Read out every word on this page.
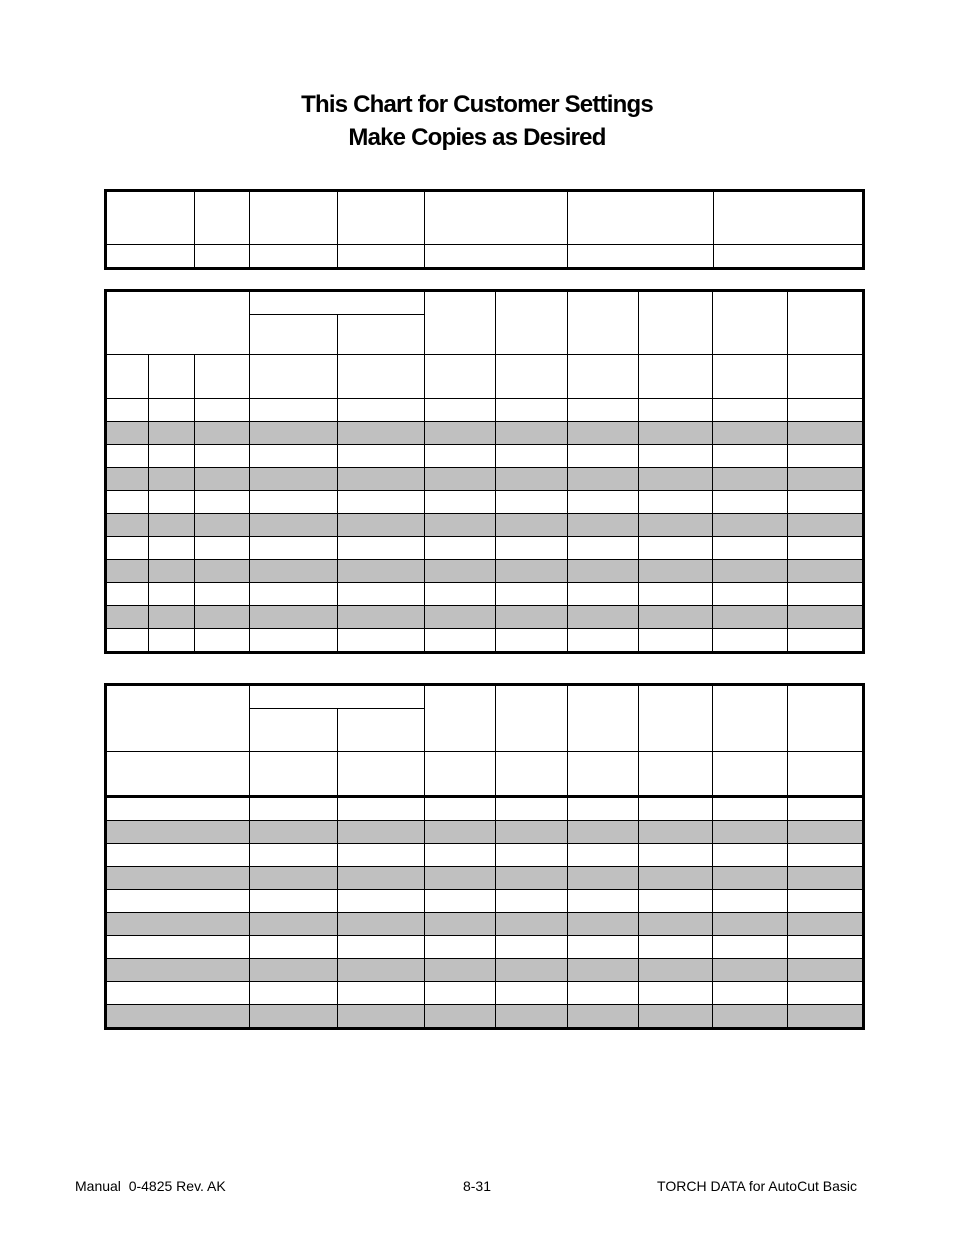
This Chart for Customer Settings
Make Copies as Desired

Manual  0-4825 Rev. AK	8-31	TORCH DATA for AutoCut Basic
